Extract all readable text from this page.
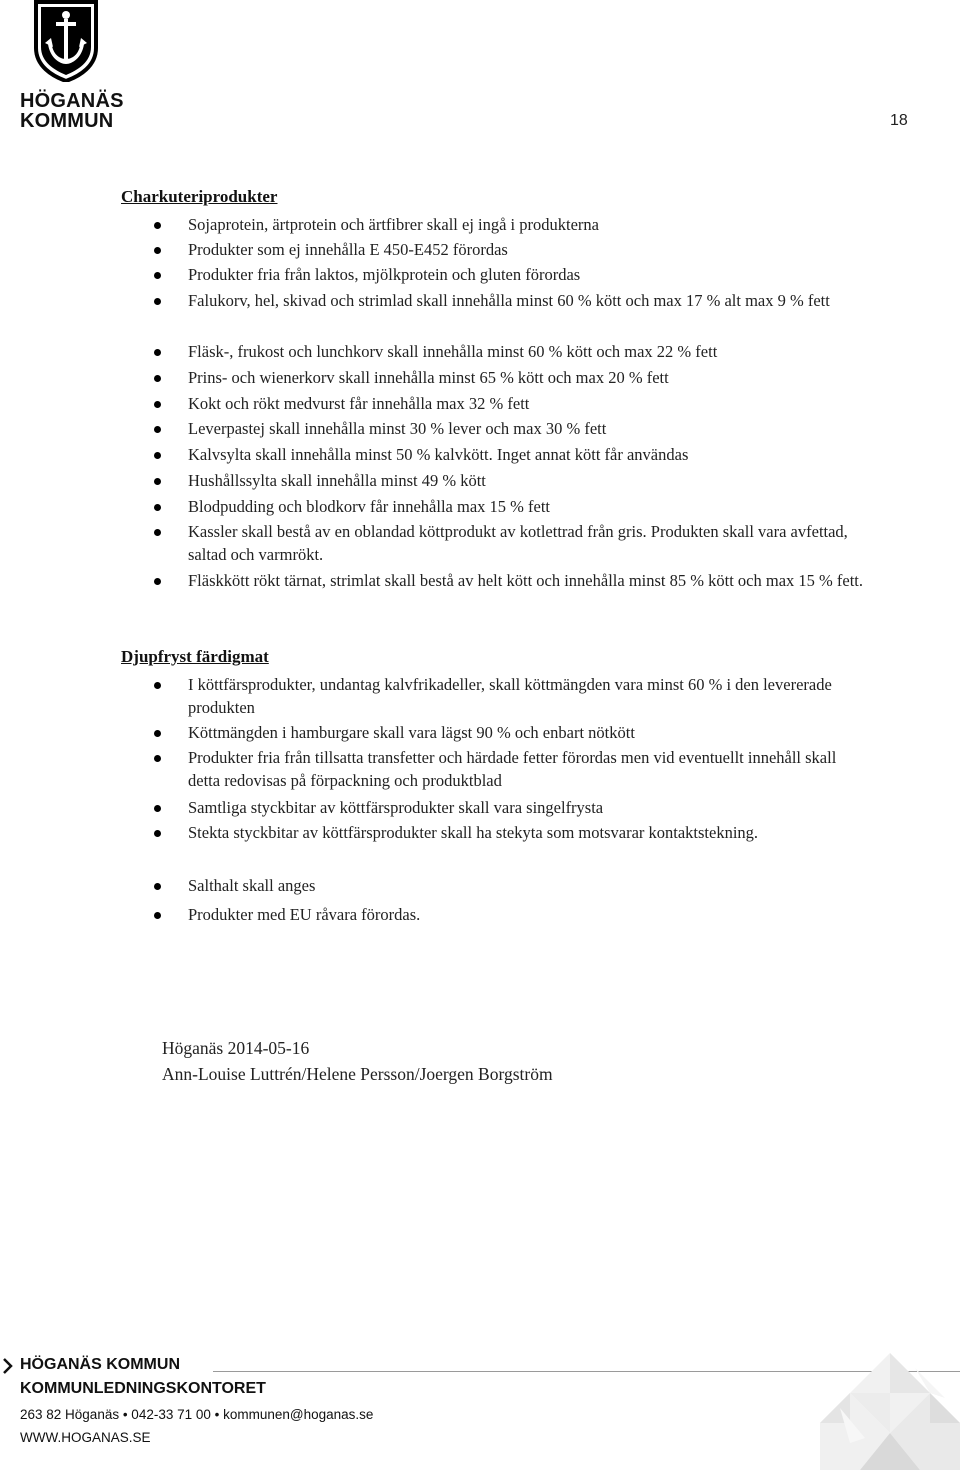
HÖGANÄS
KOMMUN	18
Charkuteriprodukter
Sojaprotein, ärtprotein och ärtfibrer skall ej ingå i produkterna
Produkter som ej innehålla E 450-E452 förordas
Produkter fria från laktos, mjölkprotein och gluten förordas
Falukorv, hel, skivad och strimlad skall innehålla minst 60 % kött och max 17 % alt max 9 % fett
Fläsk-, frukost och lunchkorv skall innehålla minst 60 % kött och max 22 % fett
Prins- och wienerkorv skall innehålla minst 65 % kött och max 20 % fett
Kokt och rökt medvurst får innehålla max 32 % fett
Leverpastej skall innehålla minst 30 % lever och max 30 % fett
Kalvsylta skall innehålla minst 50 % kalvkött. Inget annat kött får användas
Hushållssylta skall innehålla minst 49 % kött
Blodpudding och blodkorv får innehålla max 15 % fett
Kassler skall bestå av en oblandad köttprodukt av kotlettrad från gris. Produkten skall vara avfettad, saltad och varmrökt.
Fläskkött rökt tärnat, strimlat skall bestå av helt kött och innehålla minst 85 % kött och max 15 % fett.
Djupfryst färdigmat
I köttfärsprodukter, undantag kalvfrikadeller, skall köttmängden vara minst 60 % i den levererade produkten
Köttmängden i hamburgare skall vara lägst 90 % och enbart nötkött
Produkter fria från tillsatta transfetter och härdade fetter förordas men vid eventuellt innehåll skall detta redovisas på förpackning och produktblad
Samtliga styckbitar av köttfärsprodukter skall vara singelfrysta
Stekta styckbitar av köttfärsprodukter skall ha stekyta som motsvarar kontaktstekning.
Salthalt skall anges
Produkter med EU råvara förordas.
Höganäs 2014-05-16
Ann-Louise Luttrén/Helene Persson/Joergen Borgström
HÖGANÄS KOMMUN
KOMMUNLEDNINGSKONTORET
263 82 Höganäs • 042-33 71 00 • kommunen@hoganas.se
WWW.HOGANAS.SE
